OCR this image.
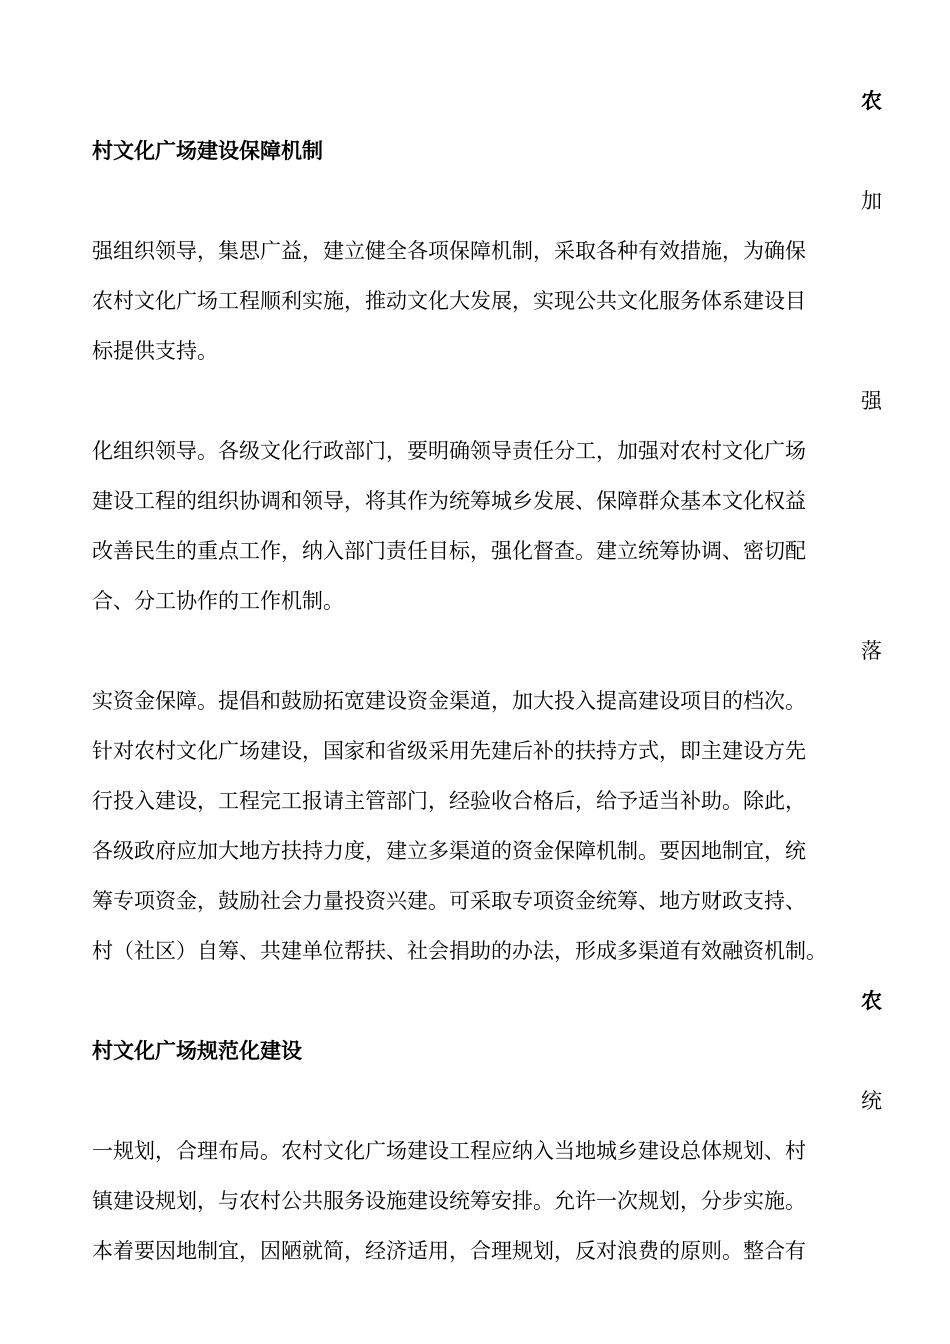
农
村文化广场建设保障机制
加
强组织领导，集思广益，建立健全各项保障机制，采取各种有效措施，为确保
农村文化广场工程顺利实施，推动文化大发展，实现公共文化服务体系建设目
标提供支持。
强
化组织领导。各级文化行政部门，要明确领导责任分工，加强对农村文化广场
建设工程的组织协调和领导，将其作为统筹城乡发展、保障群众基本文化权益
改善民生的重点工作，纳入部门责任目标，强化督查。建立统筹协调、密切配
合、分工协作的工作机制。
落
实资金保障。提倡和鼓励拓宽建设资金渠道，加大投入提高建设项目的档次。
针对农村文化广场建设，国家和省级采用先建后补的扶持方式，即主建设方先
行投入建设，工程完工报请主管部门，经验收合格后，给予适当补助。除此，
各级政府应加大地方扶持力度，建立多渠道的资金保障机制。要因地制宜，统
筹专项资金，鼓励社会力量投资兴建。可采取专项资金统筹、地方财政支持、
村（社区）自筹、共建单位帮扶、社会捐助的办法，形成多渠道有效融资机制。
农
村文化广场规范化建设
统
一规划，合理布局。农村文化广场建设工程应纳入当地城乡建设总体规划、村
镇建设规划，与农村公共服务设施建设统筹安排。允许一次规划，分步实施。
本着要因地制宜，因陋就简，经济适用，合理规划，反对浪费的原则。整合有
